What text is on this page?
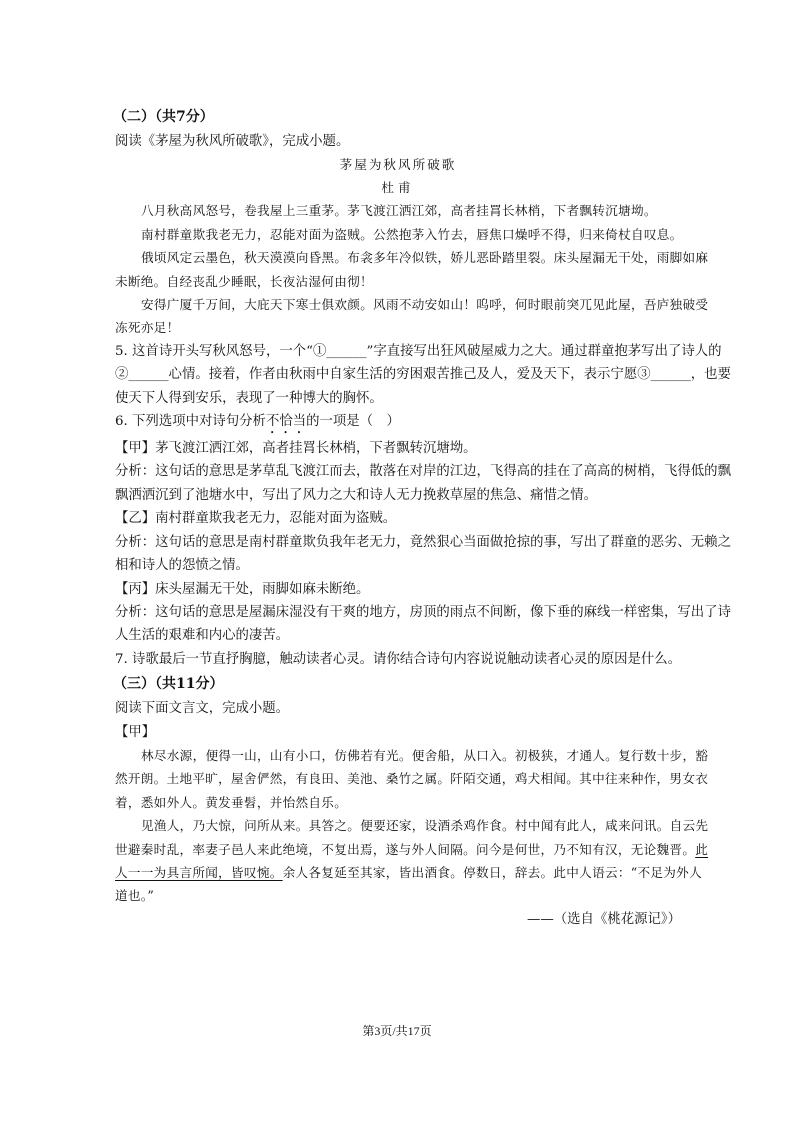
（二）（共7分）
阅读《茅屋为秋风所破歌》，完成小题。
茅屋为秋风所破歌
杜甫
八月秋高风怒号，卷我屋上三重茅。茅飞渡江洒江郊，高者挂罥长林梢，下者飘转沉塘坳。
南村群童欺我老无力，忍能对面为盗贼。公然抱茅入竹去，唇焦口燥呼不得，归来倚杖自叹息。
俄顷风定云墨色，秋天漠漠向昏黑。布衾多年冷似铁，娇儿恶卧踏里裂。床头屋漏无干处，雨脚如麻
未断绝。自经丧乱少睡眠，长夜沾湿何由彻！
安得广厦千万间，大庇天下寒士俱欢颜。风雨不动安如山！呜呼，何时眼前突兀见此屋，吾庐独破受
冻死亦足！
5. 这首诗开头写秋风怒号，一个“①______”字直接写出狂风破屋威力之大。通过群童抱茅写出了诗人的
②______心情。接着，作者由秋雨中自家生活的穷困艰苦推己及人，爱及天下，表示宁愿③______，也要
使天下人得到安乐，表现了一种博大的胸怀。
6. 下列选项中对诗句分析不恰当的一项是（　）
【甲】茅飞渡江洒江郊，高者挂罥长林梢，下者飘转沉塘坳。
分析：这句话的意思是茅草乱飞渡江而去，散落在对岸的江边，飞得高的挂在了高高的树梢，飞得低的飘
飘洒洒沉到了池塘水中，写出了风力之大和诗人无力挽救草屋的焦急、痛惜之情。
【乙】南村群童欺我老无力，忍能对面为盗贼。
分析：这句话的意思是南村群童欺负我年老无力，竟然狠心当面做抢掠的事，写出了群童的恶劣、无赖之
相和诗人的怨愤之情。
【丙】床头屋漏无干处，雨脚如麻未断绝。
分析：这句话的意思是屋漏床湿没有干爽的地方，房顶的雨点不间断，像下垂的麻线一样密集，写出了诗
人生活的艰难和内心的凄苦。
7. 诗歌最后一节直抒胸臆，触动读者心灵。请你结合诗句内容说说触动读者心灵的原因是什么。
（三）（共11分）
阅读下面文言文，完成小题。
【甲】
林尽水源，便得一山，山有小口，仿佛若有光。便舍船，从口入。初极狭，才通人。复行数十步，豁
然开朗。土地平旷，屋舍俨然，有良田、美池、桑竹之属。阡陌交通，鸡犬相闻。其中往来种作，男女衣
着，悉如外人。黄发垂髫，并怡然自乐。
见渔人，乃大惊，问所从来。具答之。便要还家，设酒杀鸡作食。村中闻有此人，咸来问讯。自云先
世避秦时乱，率妻子邑人来此绝境，不复出焉，遂与外人间隔。问今是何世，乃不知有汉，无论魏晋。此
人一一为具言所闻，皆叹惋。余人各复延至其家，皆出酒食。停数日，辞去。此中人语云：“不足为外人
道也。”
——（选自《桃花源记》）
第3页/共17页
